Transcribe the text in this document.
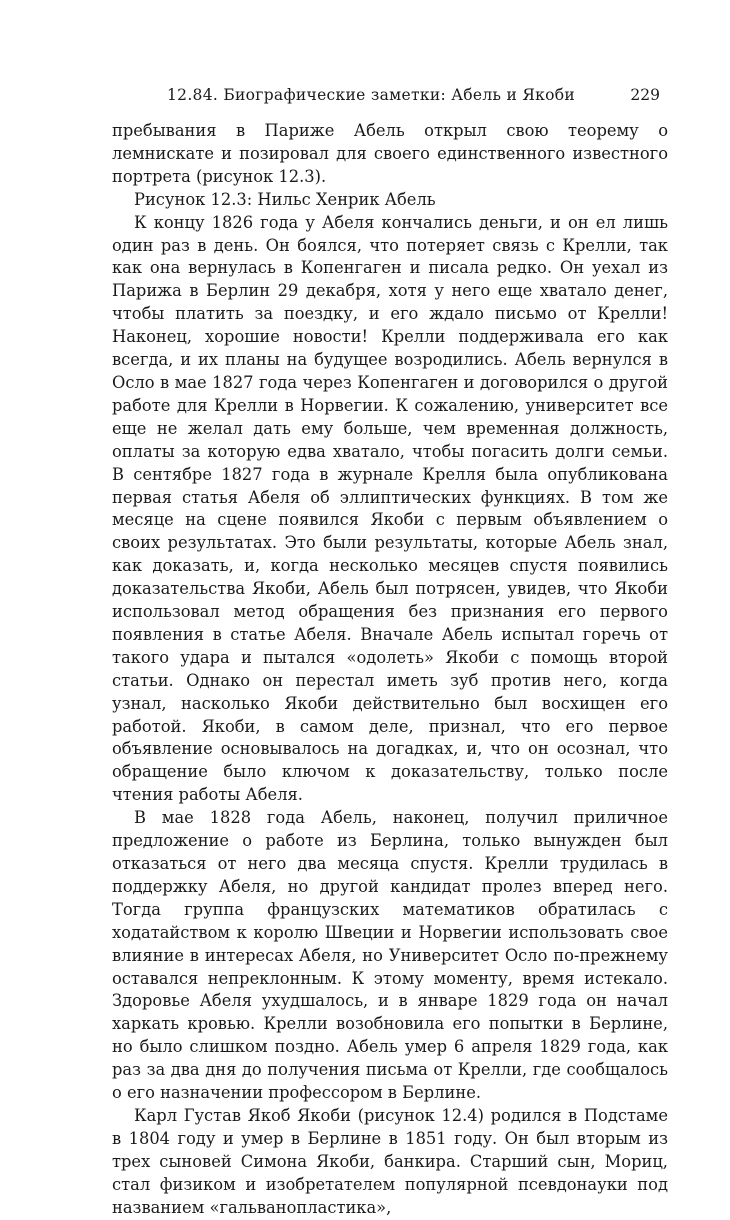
12.84. Биографические заметки: Абель и Якоби	229

пребывания в Париже Абель открыл свою теорему о лемнискате и позировал для своего единственного известного портрета (рисунок 12.3).

Рисунок 12.3: Нильс Хенрик Абель

К концу 1826 года у Абеля кончались деньги, и он ел лишь один раз в день. Он боялся, что потеряет связь с Крелли, так как она вернулась в Копенгаген и писала редко. Он уехал из Парижа в Берлин 29 декабря, хотя у него еще хватало денег, чтобы платить за поездку, и его ждало письмо от Крелли! Наконец, хорошие новости! Крелли поддерживала его как всегда, и их планы на будущее возродились. Абель вернулся в Осло в мае 1827 года через Копенгаген и договорился о другой работе для Крелли в Норвегии. К сожалению, университет все еще не желал дать ему больше, чем временная должность, оплаты за которую едва хватало, чтобы погасить долги семьи. В сентябре 1827 года в журнале Крелля была опубликована первая статья Абеля об эллиптических функциях. В том же месяце на сцене появился Якоби с первым объявлением о своих результатах. Это были результаты, которые Абель знал, как доказать, и, когда несколько месяцев спустя появились доказательства Якоби, Абель был потрясен, увидев, что Якоби использовал метод обращения без признания его первого появления в статье Абеля. Вначале Абель испытал горечь от такого удара и пытался «одолеть» Якоби с помощь второй статьи. Однако он перестал иметь зуб против него, когда узнал, насколько Якоби действительно был восхищен его работой. Якоби, в самом деле, признал, что его первое объявление основывалось на догадках, и, что он осознал, что обращение было ключом к доказательству, только после чтения работы Абеля.

В мае 1828 года Абель, наконец, получил приличное предложение о работе из Берлина, только вынужден был отказаться от него два месяца спустя. Крелли трудилась в поддержку Абеля, но другой кандидат пролез вперед него. Тогда группа французских математиков обратилась с ходатайством к королю Швеции и Норвегии использовать свое влияние в интересах Абеля, но Университет Осло по-прежнему оставался непреклонным. К этому моменту, время истекало. Здоровье Абеля ухудшалось, и в январе 1829 года он начал харкать кровью. Крелли возобновила его попытки в Берлине, но было слишком поздно. Абель умер 6 апреля 1829 года, как раз за два дня до получения письма от Крелли, где сообщалось о его назначении профессором в Берлине.

Карл Густав Якоб Якоби (рисунок 12.4) родился в Подстаме в 1804 году и умер в Берлине в 1851 году. Он был вторым из трех сыновей Симона Якоби, банкира. Старший сын, Мориц, стал физиком и изобретателем популярной псевдонауки под названием «гальванопластика»,
